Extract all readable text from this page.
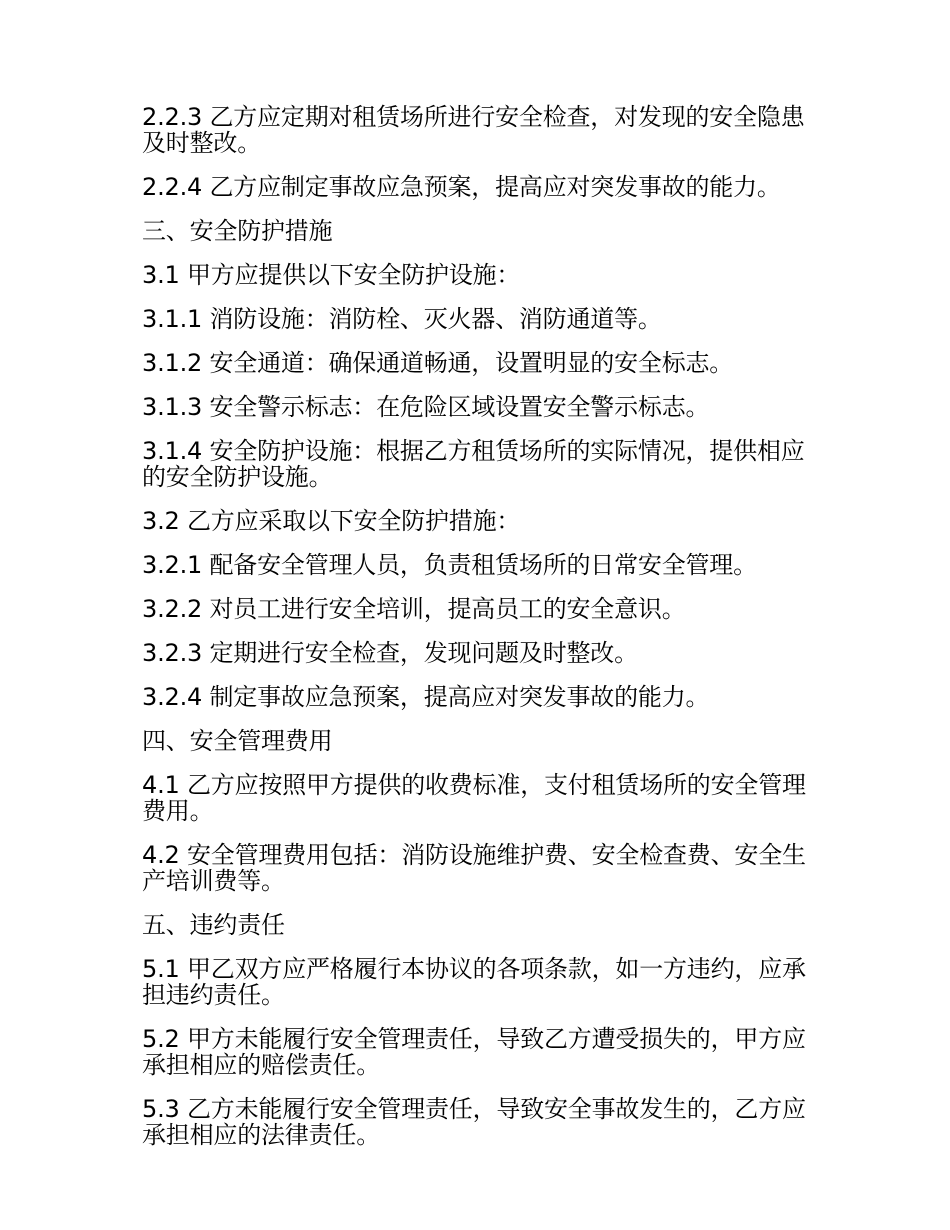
2.2.3 乙方应定期对租赁场所进行安全检查，对发现的安全隐患及时整改。

2.2.4 乙方应制定事故应急预案，提高应对突发事故的能力。

三、安全防护措施

3.1 甲方应提供以下安全防护设施：

3.1.1 消防设施：消防栓、灭火器、消防通道等。

3.1.2 安全通道：确保通道畅通，设置明显的安全标志。

3.1.3 安全警示标志：在危险区域设置安全警示标志。

3.1.4 安全防护设施：根据乙方租赁场所的实际情况，提供相应的安全防护设施。

3.2 乙方应采取以下安全防护措施：

3.2.1 配备安全管理人员，负责租赁场所的日常安全管理。

3.2.2 对员工进行安全培训，提高员工的安全意识。

3.2.3 定期进行安全检查，发现问题及时整改。

3.2.4 制定事故应急预案，提高应对突发事故的能力。

四、安全管理费用

4.1 乙方应按照甲方提供的收费标准，支付租赁场所的安全管理费用。

4.2 安全管理费用包括：消防设施维护费、安全检查费、安全生产培训费等。

五、违约责任

5.1 甲乙双方应严格履行本协议的各项条款，如一方违约，应承担违约责任。

5.2 甲方未能履行安全管理责任，导致乙方遭受损失的，甲方应承担相应的赔偿责任。

5.3 乙方未能履行安全管理责任，导致安全事故发生的，乙方应承担相应的法律责任。
